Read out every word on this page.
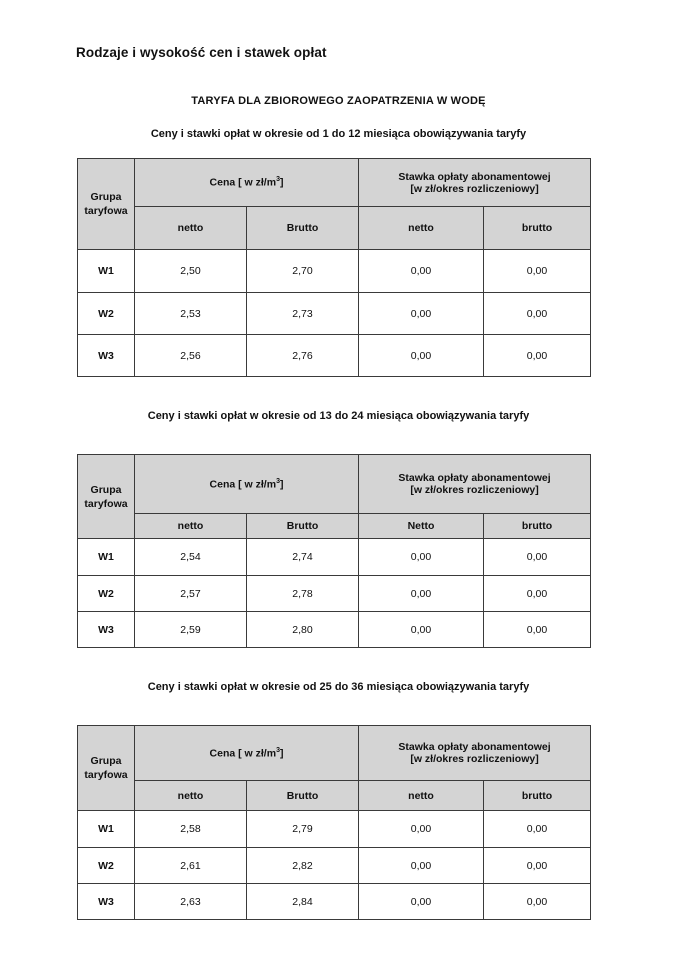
Rodzaje i wysokość cen i stawek opłat
TARYFA DLA ZBIOROWEGO ZAOPATRZENIA W WODĘ
Ceny i stawki opłat w okresie od 1 do 12 miesiąca obowiązywania taryfy
Grupa
taryfowa	Cena [ w $zł/m^3$]		Stawka opłaty abonamentowej
[w zł/okres rozliczeniowy]	
	netto	Brutto	netto	brutto
W1	2,50	2,70	0,00	0,00
W2	2,53	2,73	0,00	0,00
W3	2,56	2,76	0,00	0,00
Ceny i stawki opłat w okresie od 13 do 24 miesiąca obowiązywania taryfy
Grupa
taryfowa	Cena [ w $zł/m^3$]		Stawka opłaty abonamentowej
[w zł/okres rozliczeniowy]	
	netto	Brutto	Netto	brutto
W1	2,54	2,74	0,00	0,00
W2	2,57	2,78	0,00	0,00
W3	2,59	2,80	0,00	0,00
Ceny i stawki opłat w okresie od 25 do 36 miesiąca obowiązywania taryfy
Grupa
taryfowa	Cena [ w $zł/m^3$]		Stawka opłaty abonamentowej
[w zł/okres rozliczeniowy]	
	netto	Brutto	netto	brutto
W1	2,58	2,79	0,00	0,00
W2	2,61	2,82	0,00	0,00
W3	2,63	2,84	0,00	0,00
